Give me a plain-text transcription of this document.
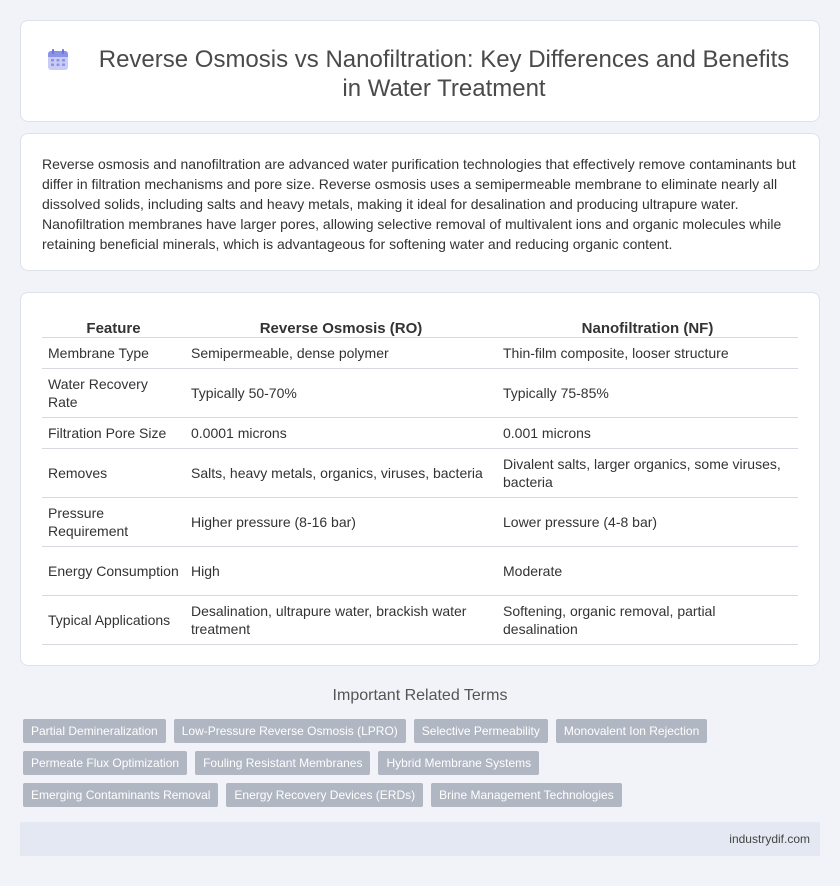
Reverse Osmosis vs Nanofiltration: Key Differences and Benefits in Water Treatment

Reverse osmosis and nanofiltration are advanced water purification technologies that effectively remove contaminants but differ in filtration mechanisms and pore size. Reverse osmosis uses a semipermeable membrane to eliminate nearly all dissolved solids, including salts and heavy metals, making it ideal for desalination and producing ultrapure water. Nanofiltration membranes have larger pores, allowing selective removal of multivalent ions and organic molecules while retaining beneficial minerals, which is advantageous for softening water and reducing organic content.

Feature	Reverse Osmosis (RO)	Nanofiltration (NF)
Membrane Type	Semipermeable, dense polymer	Thin-film composite, looser structure
Water Recovery Rate	Typically 50-70%	Typically 75-85%
Filtration Pore Size	0.0001 microns	0.001 microns
Removes	Salts, heavy metals, organics, viruses, bacteria	Divalent salts, larger organics, some viruses, bacteria
Pressure Requirement	Higher pressure (8-16 bar)	Lower pressure (4-8 bar)
Energy Consumption	High	Moderate
Typical Applications	Desalination, ultrapure water, brackish water treatment	Softening, organic removal, partial desalination
Important Related Terms
Partial Demineralization	Low-Pressure Reverse Osmosis (LPRO)	Selective Permeability	Monovalent Ion Rejection
Permeate Flux Optimization	Fouling Resistant Membranes	Hybrid Membrane Systems
Emerging Contaminants Removal	Energy Recovery Devices (ERDs)	Brine Management Technologies
industrydif.com
